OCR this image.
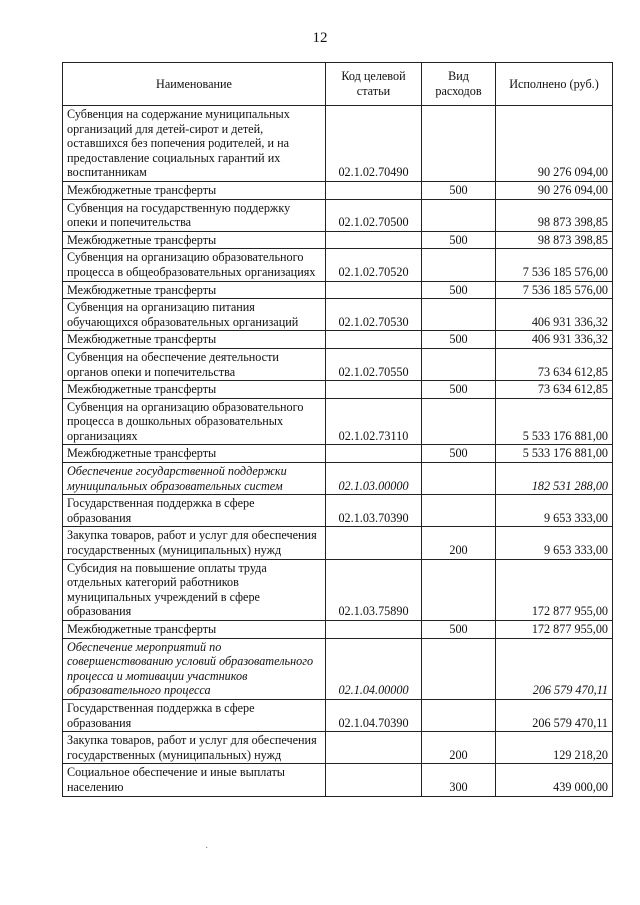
12
Наименование	Код целевой статьи	Вид расходов	Исполнено (руб.)
Субвенция на содержание муниципальных организаций для детей-сирот и детей, оставшихся без попечения родителей, и на предоставление социальных гарантий их воспитанникам	02.1.02.70490		90 276 094,00
Межбюджетные трансферты		500	90 276 094,00
Субвенция на государственную поддержку опеки и попечительства	02.1.02.70500		98 873 398,85
Межбюджетные трансферты		500	98 873 398,85
Субвенция на организацию образовательного процесса в общеобразовательных организациях	02.1.02.70520		7 536 185 576,00
Межбюджетные трансферты		500	7 536 185 576,00
Субвенция на организацию питания обучающихся образовательных организаций	02.1.02.70530		406 931 336,32
Межбюджетные трансферты		500	406 931 336,32
Субвенция на обеспечение деятельности органов опеки и попечительства	02.1.02.70550		73 634 612,85
Межбюджетные трансферты		500	73 634 612,85
Субвенция на организацию образовательного процесса в дошкольных образовательных организациях	02.1.02.73110		5 533 176 881,00
Межбюджетные трансферты		500	5 533 176 881,00
Обеспечение государственной поддержки муниципальных образовательных систем	02.1.03.00000		182 531 288,00
Государственная поддержка в сфере образования	02.1.03.70390		9 653 333,00
Закупка товаров, работ и услуг для обеспечения государственных (муниципальных) нужд		200	9 653 333,00
Субсидия на повышение оплаты труда отдельных категорий работников муниципальных учреждений в сфере образования	02.1.03.75890		172 877 955,00
Межбюджетные трансферты		500	172 877 955,00
Обеспечение мероприятий по совершенствованию условий образовательного процесса и мотивации участников образовательного процесса	02.1.04.00000		206 579 470,11
Государственная поддержка в сфере образования	02.1.04.70390		206 579 470,11
Закупка товаров, работ и услуг для обеспечения государственных (муниципальных) нужд		200	129 218,20
Социальное обеспечение и иные выплаты населению		300	439 000,00
·
